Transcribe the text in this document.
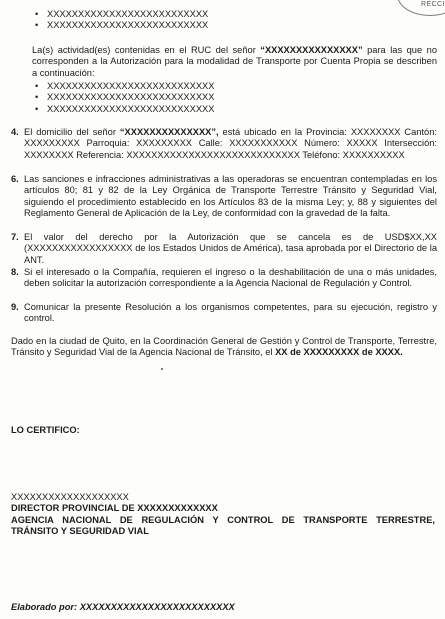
RECCI
• XXXXXXXXXXXXXXXXXXXXXXXXXX
• XXXXXXXXXXXXXXXXXXXXXXXXXX
La(s) actividad(es) contenidas en el RUC del señor “XXXXXXXXXXXXXXX” para las que no corresponden a la Autorización para la modalidad de Transporte por Cuenta Propia se describen a continuación:
• XXXXXXXXXXXXXXXXXXXXXXXXXXX
• XXXXXXXXXXXXXXXXXXXXXXXXXXX
• XXXXXXXXXXXXXXXXXXXXXXXXXXX
4. El domicilio del señor “XXXXXXXXXXXXXX”, está ubicado en la Provincia: XXXXXXXX Cantón: XXXXXXXXX Parroquia: XXXXXXXXX Calle: XXXXXXXXXXX Número: XXXXX Intersección: XXXXXXXX Referencia: XXXXXXXXXXXXXXXXXXXXXXXXXXXX Teléfono: XXXXXXXXXX
6. Las sanciones e infracciones administrativas a las operadoras se encuentran contempladas en los artículos 80; 81 y 82 de la Ley Orgánica de Transporte Terrestre Tránsito y Seguridad Vial, siguiendo el procedimiento establecido en los Artículos 83 de la misma Ley; y, 88 y siguientes del Reglamento General de Aplicación de la Ley, de conformidad con la gravedad de la falta.
7. El valor del derecho por la Autorización que se cancela es de USD$XX,XX (XXXXXXXXXXXXXXXXX de los Estados Unidos de América), tasa aprobada por el Directorio de la ANT.
8. Si el interesado o la Compañía, requieren el ingreso o la deshabilitación de una o más unidades, deben solicitar la autorización correspondiente a la Agencia Nacional de Regulación y Control.
9. Comunicar la presente Resolución a los organismos competentes, para su ejecución, registro y control.
Dado en la ciudad de Quito, en la Coordinación General de Gestión y Control de Transporte, Terrestre, Tránsito y Seguridad Vial de la Agencia Nacional de Tránsito, el XX de XXXXXXXXX de XXXX.
LO CERTIFICO:
XXXXXXXXXXXXXXXXXXX
DIRECTOR PROVINCIAL DE XXXXXXXXXXXXX
AGENCIA NACIONAL DE REGULACIÓN Y CONTROL DE TRANSPORTE TERRESTRE, TRÁNSITO Y SEGURIDAD VIAL
Elaborado por: XXXXXXXXXXXXXXXXXXXXXXXXX
